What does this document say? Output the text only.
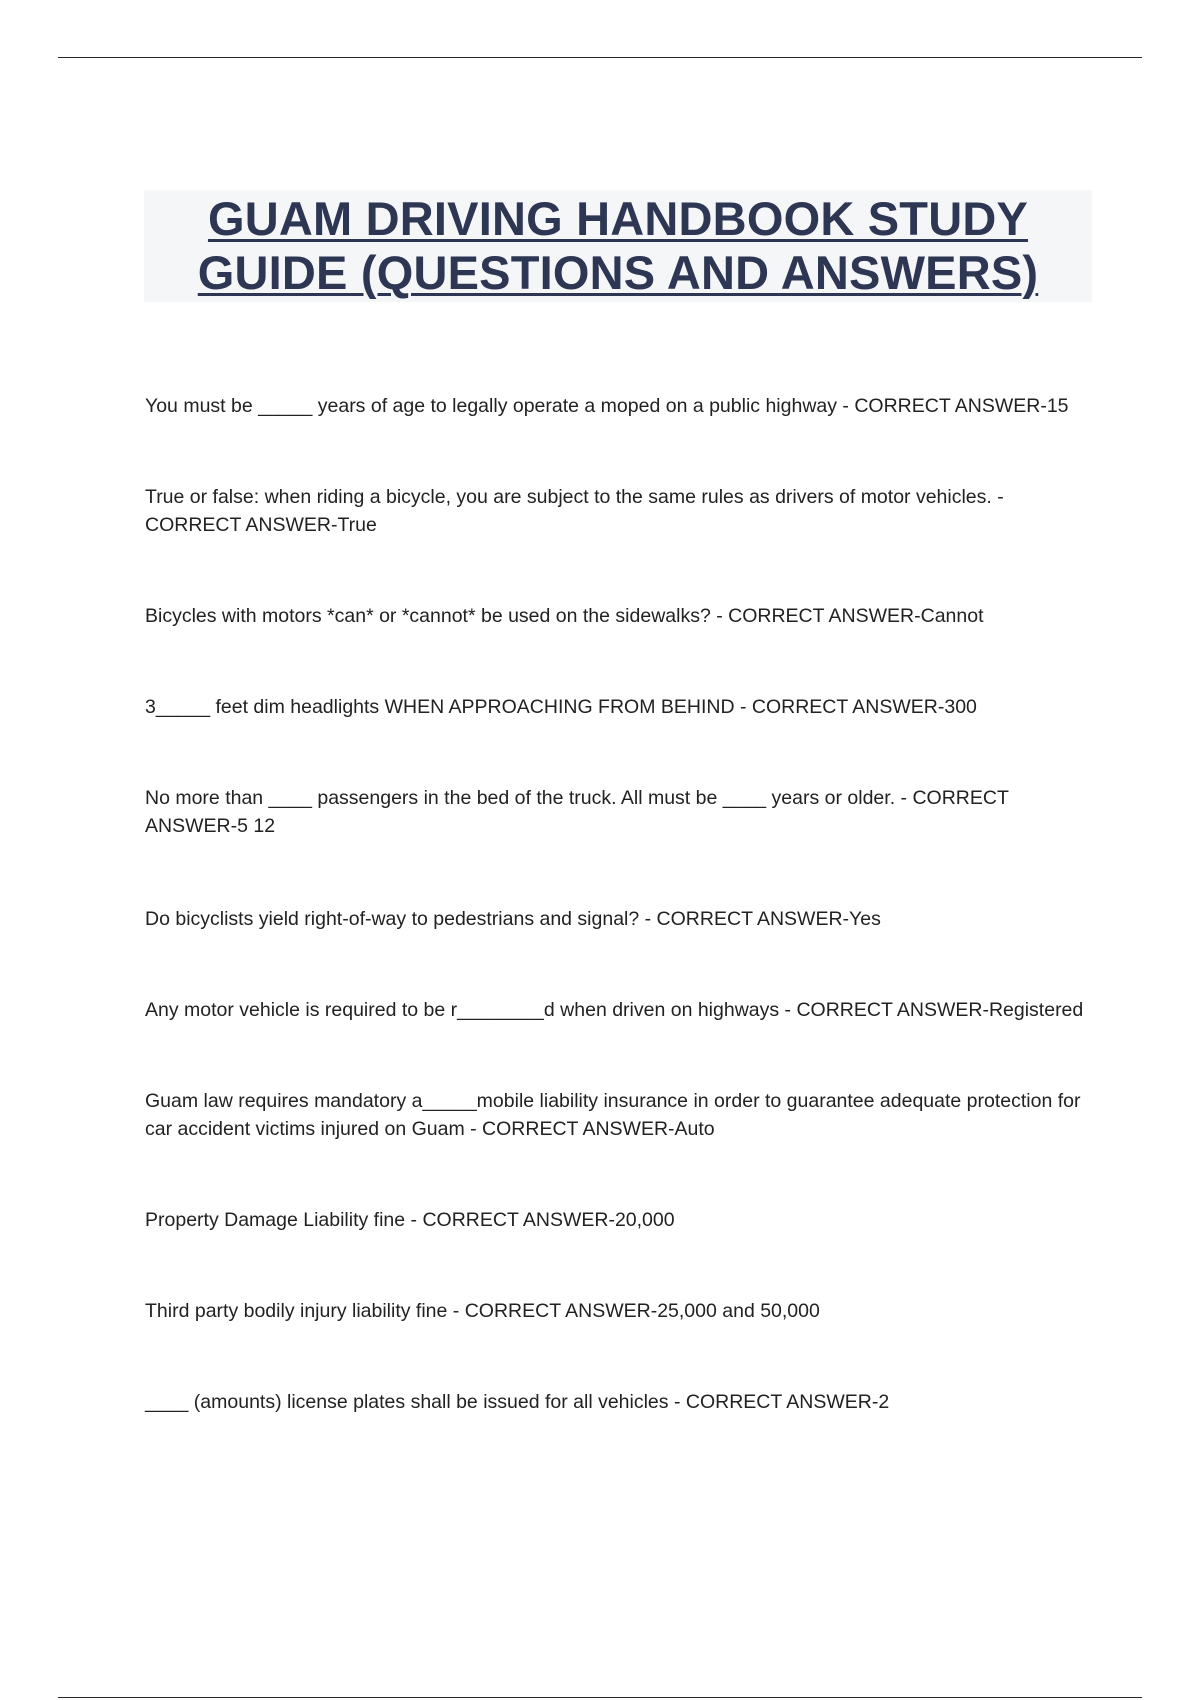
GUAM DRIVING HANDBOOK STUDY
GUIDE (QUESTIONS AND ANSWERS)
You must be _____ years of age to legally operate a moped on a public highway - CORRECT ANSWER-15
True or false: when riding a bicycle, you are subject to the same rules as drivers of motor vehicles. - CORRECT ANSWER-True
Bicycles with motors *can* or *cannot* be used on the sidewalks? - CORRECT ANSWER-Cannot
3_____ feet dim headlights WHEN APPROACHING FROM BEHIND - CORRECT ANSWER-300
No more than ____ passengers in the bed of the truck. All must be ____ years or older. - CORRECT ANSWER-5 12
Do bicyclists yield right-of-way to pedestrians and signal? - CORRECT ANSWER-Yes
Any motor vehicle is required to be r________d when driven on highways - CORRECT ANSWER-Registered
Guam law requires mandatory a_____mobile liability insurance in order to guarantee adequate protection for car accident victims injured on Guam - CORRECT ANSWER-Auto
Property Damage Liability fine - CORRECT ANSWER-20,000
Third party bodily injury liability fine - CORRECT ANSWER-25,000 and 50,000
____ (amounts) license plates shall be issued for all vehicles - CORRECT ANSWER-2
